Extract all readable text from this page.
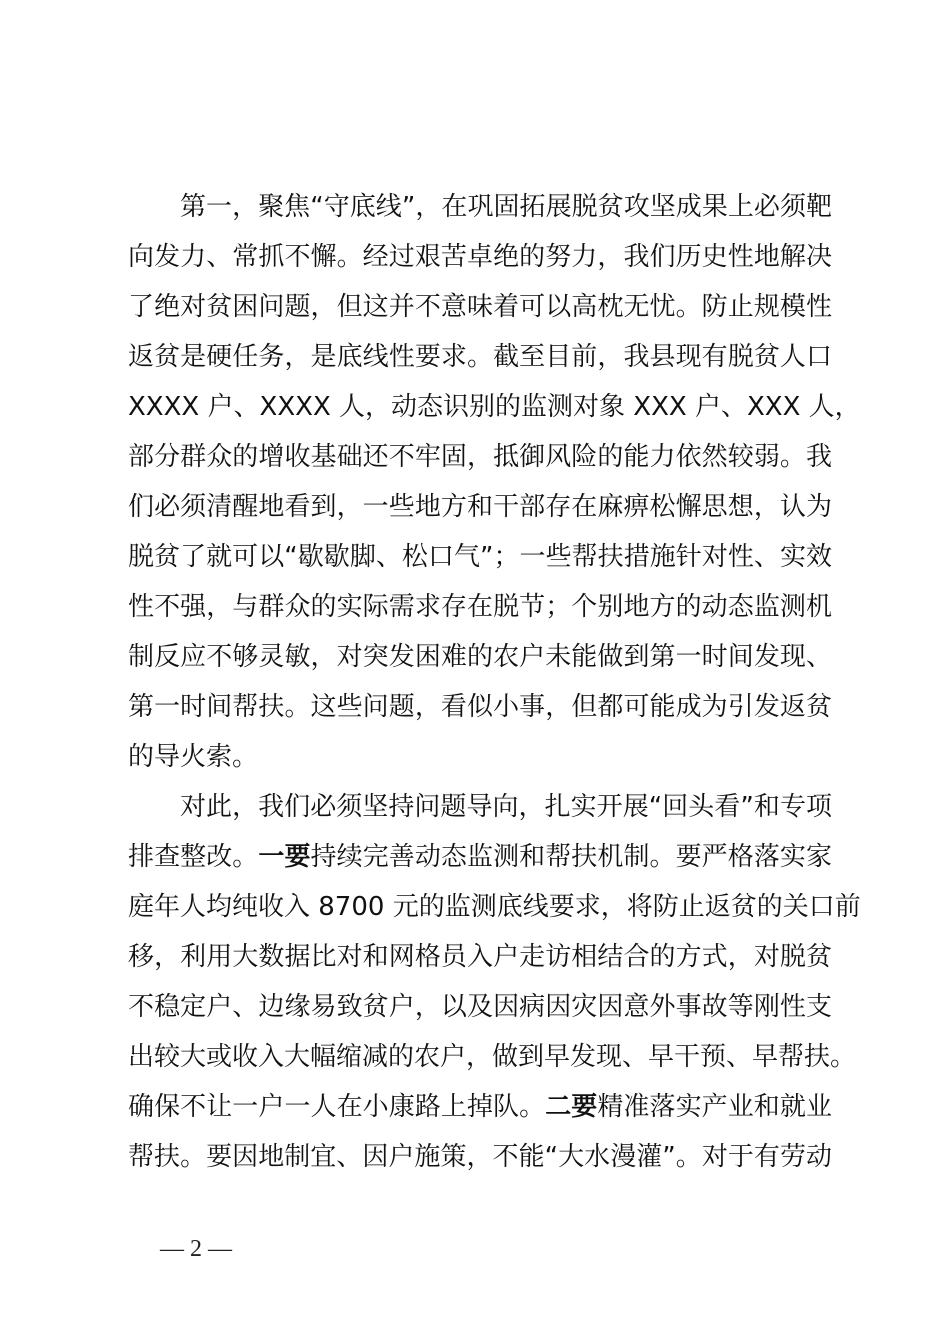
第一，聚焦“守底线”，在巩固拓展脱贫攻坚成果上必须靶
向发力、常抓不懈。经过艰苦卓绝的努力，我们历史性地解决
了绝对贫困问题，但这并不意味着可以高枕无忧。防止规模性
返贫是硬任务，是底线性要求。截至目前，我县现有脱贫人口
XXXX 户、XXXX 人，动态识别的监测对象 XXX 户、XXX 人，
部分群众的增收基础还不牢固，抵御风险的能力依然较弱。我
们必须清醒地看到，一些地方和干部存在麻痹松懈思想，认为
脱贫了就可以“歇歇脚、松口气”；一些帮扶措施针对性、实效
性不强，与群众的实际需求存在脱节；个别地方的动态监测机
制反应不够灵敏，对突发困难的农户未能做到第一时间发现、
第一时间帮扶。这些问题，看似小事，但都可能成为引发返贫
的导火索。
对此，我们必须坚持问题导向，扎实开展“回头看”和专项
排查整改。一要持续完善动态监测和帮扶机制。要严格落实家
庭年人均纯收入 8700 元的监测底线要求，将防止返贫的关口前
移，利用大数据比对和网格员入户走访相结合的方式，对脱贫
不稳定户、边缘易致贫户，以及因病因灾因意外事故等刚性支
出较大或收入大幅缩减的农户，做到早发现、早干预、早帮扶。
确保不让一户一人在小康路上掉队。二要精准落实产业和就业
帮扶。要因地制宜、因户施策，不能“大水漫灌”。对于有劳动
— 2 —
